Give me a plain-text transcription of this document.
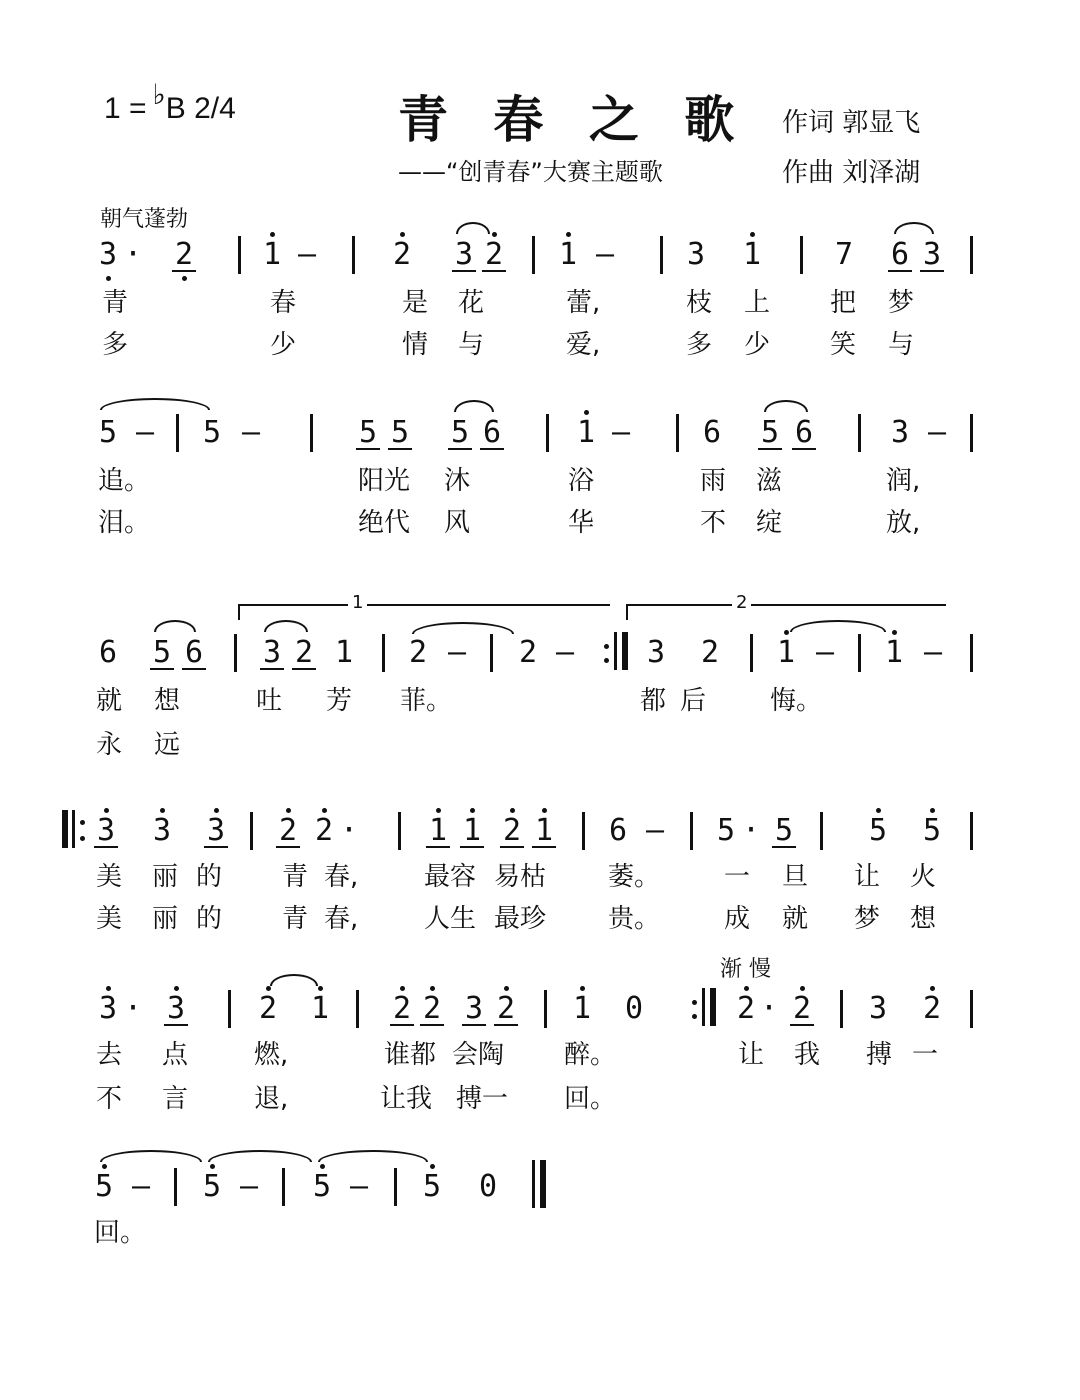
1 = ♭B 2/4	青 春 之 歌
——“创青春”大赛主题歌
作词 郭显飞
作曲 刘泽湖
朝气蓬勃
3 · 2 1 –	2 3 2 1 – 3 1 7 6 3
青	春	是 花	蕾,	枝 上 把 梦
多	少	情 与	爱,	多 少 笑 与
5 – 5 –	5 5 5 6	1 – 6 5 6	3 –
追。	阳光 沐	浴	雨 滋	润,
泪。	绝代 风	华	不 绽	放,
1	2
6 5 6 3 2 1 2 – 2 – 3 2 1 – 1 –
就 想	吐 芳 菲。	都 后 悔。
永 远
3 3 3 2 2 · 1 1 2 1 6 – 5 · 5	5 5
美 丽 的 青 春,	最容 易枯 萎。 一 旦 让 火
美 丽 的 青 春,	人生 最珍 贵。 成 就 梦 想
渐 慢
3 · 3 2 1 2 2 3 2 1 0	2 · 2 3 2
去 点	燃,	谁都 会陶 醉。	让 我 搏 一
不 言	退,	让我 搏一 回。
5 – 5 – 5 – 5 0
回。
